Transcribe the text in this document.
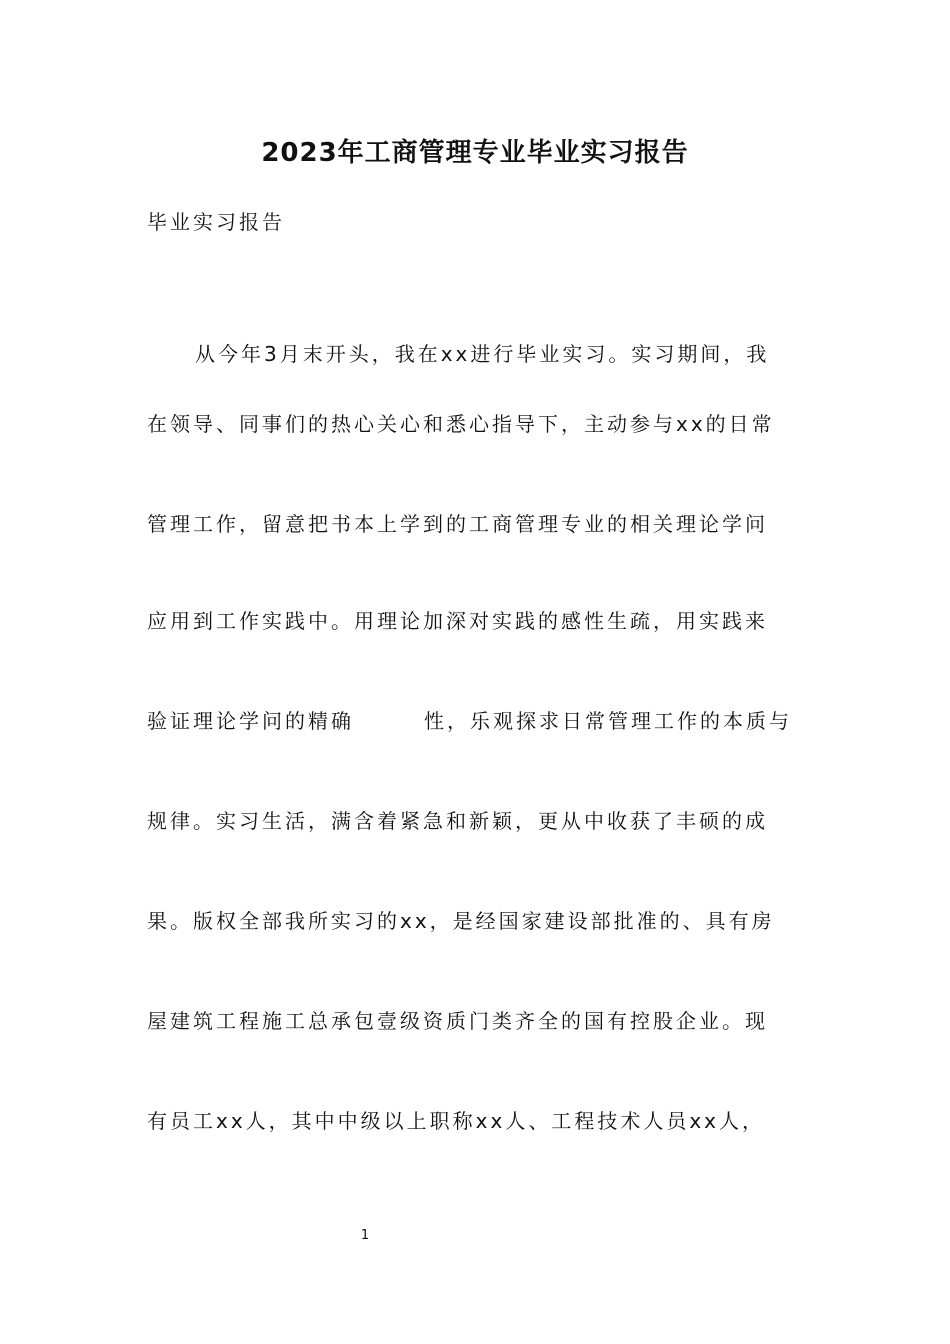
2023年工商管理专业毕业实习报告

毕业实习报告

从今年3月末开头，我在xx进行毕业实习。实习期间，我

在领导、同事们的热心关心和悉心指导下，主动参与xx的日常

管理工作，留意把书本上学到的工商管理专业的相关理论学问

应用到工作实践中。用理论加深对实践的感性生疏，用实践来

验证理论学问的精确	性，乐观探求日常管理工作的本质与

规律。实习生活，满含着紧急和新颖，更从中收获了丰硕的成

果。版权全部我所实习的xx，是经国家建设部批准的、具有房

屋建筑工程施工总承包壹级资质门类齐全的国有控股企业。现

有员工xx人，其中中级以上职称xx人、工程技术人员xx人，

1
